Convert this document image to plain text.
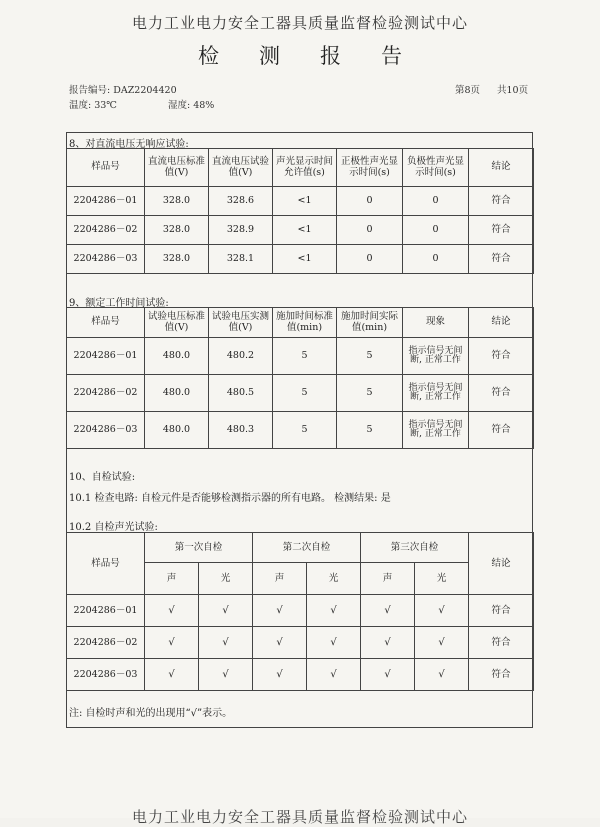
电力工业电力安全工器具质量监督检验测试中心
检测报告
报告编号: DAZ2204420	第8页 共10页
温度: 33℃	湿度: 48%
8、对直流电压无响应试验:
样品号	直流电压标准值(V)	直流电压试验值(V)	声光显示时间允许值(s)	正极性声光显示时间(s)	负极性声光显示时间(s)	结论
2204286－01	328.0	328.6	<1	0	0	符合
2204286－02	328.0	328.9	<1	0	0	符合
2204286－03	328.0	328.1	<1	0	0	符合
9、额定工作时间试验:
样品号	试验电压标准值(V)	试验电压实测值(V)	施加时间标准值(min)	施加时间实际值(min)	现象	结论
2204286－01	480.0	480.2	5	5	指示信号无间断, 正常工作	符合
2204286－02	480.0	480.5	5	5	指示信号无间断, 正常工作	符合
2204286－03	480.0	480.3	5	5	指示信号无间断, 正常工作	符合
10、自检试验:
10.1 检查电路: 自检元件是否能够检测指示器的所有电路。 检测结果: 是
10.2 自检声光试验:
样品号	第一次自检		第二次自检		第三次自检		结论
	声	光	声	光	声	光	
2204286－01	√	√	√	√	√	√	符合
2204286－02	√	√	√	√	√	√	符合
2204286－03	√	√	√	√	√	√	符合
注: 自检时声和光的出现用“√”表示。
电力工业电力安全工器具质量监督检验测试中心
